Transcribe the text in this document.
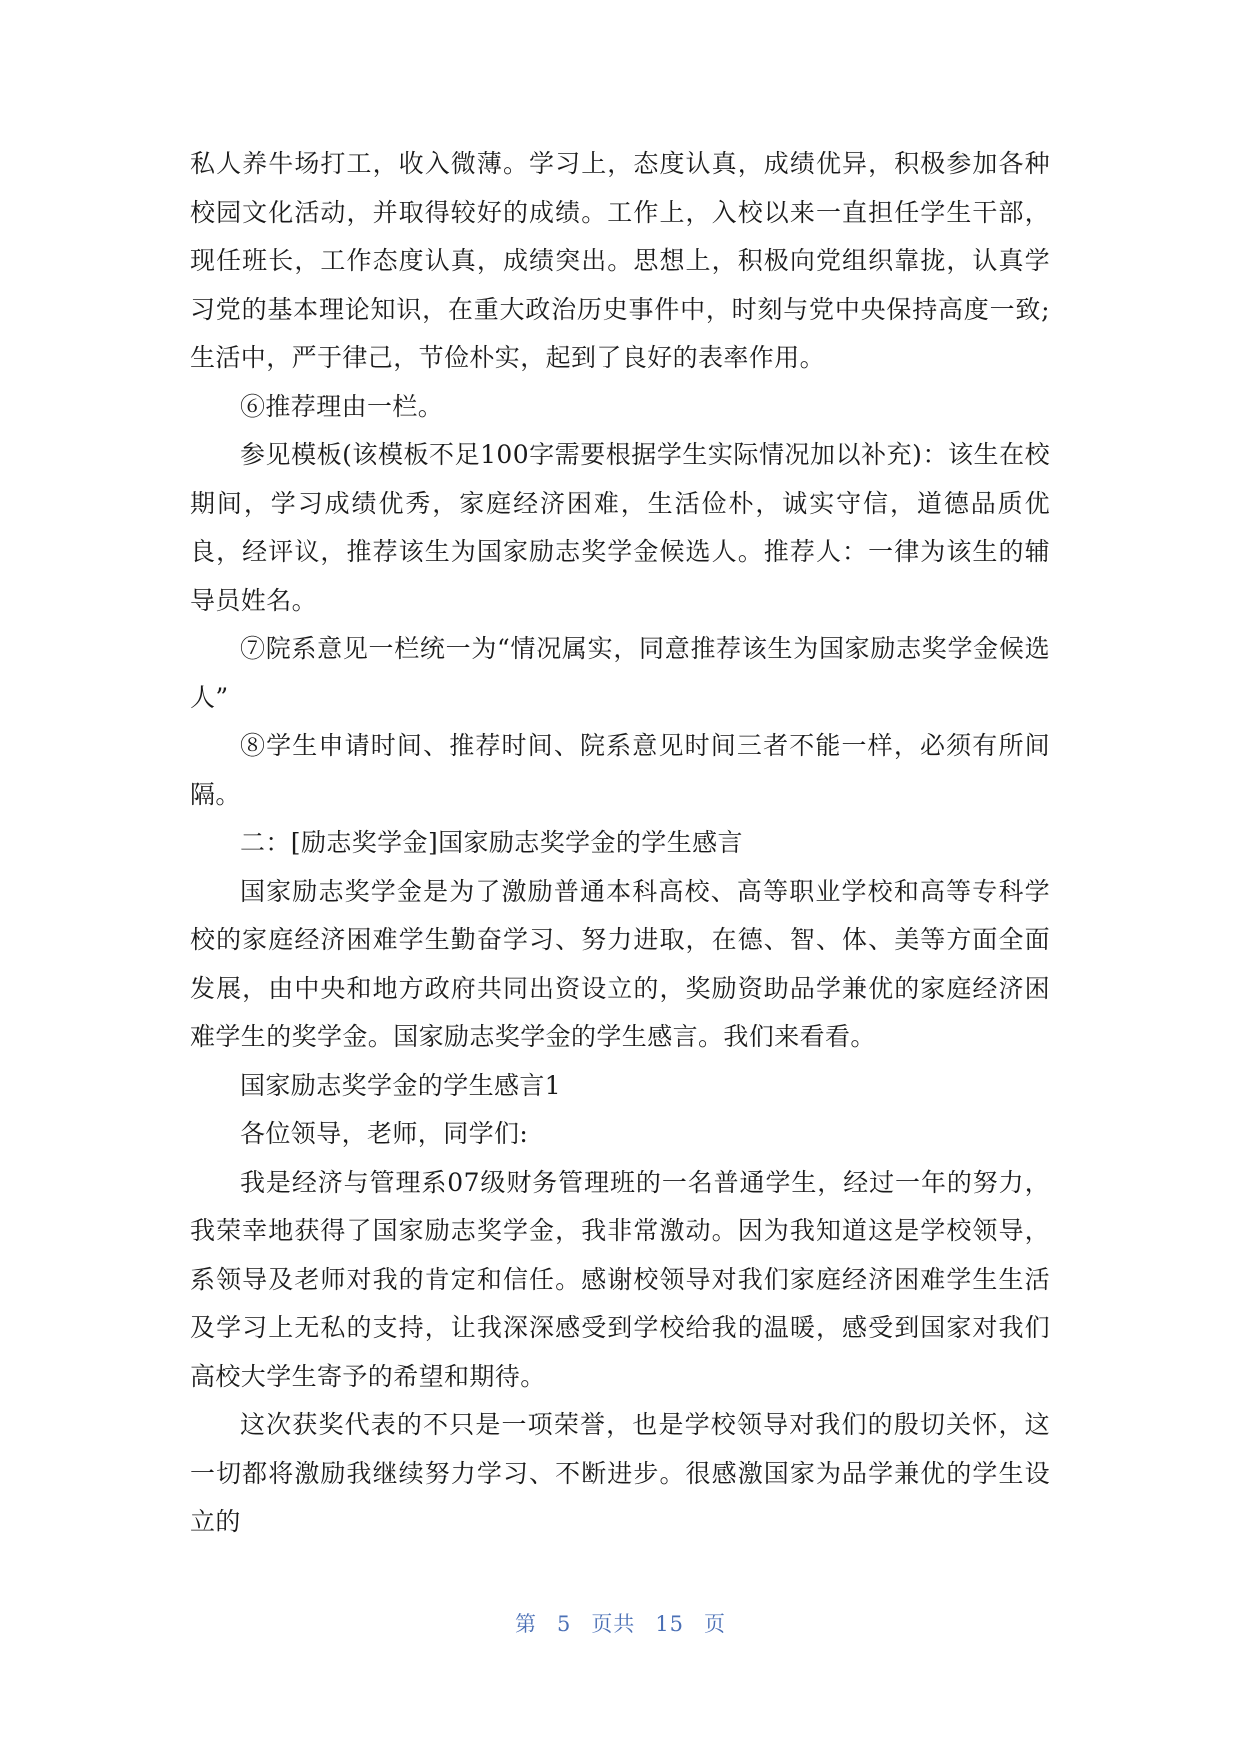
私人养牛场打工，收入微薄。学习上，态度认真，成绩优异，积极参加各种校园文化活动，并取得较好的成绩。工作上，入校以来一直担任学生干部，现任班长，工作态度认真，成绩突出。思想上，积极向党组织靠拢，认真学习党的基本理论知识，在重大政治历史事件中，时刻与党中央保持高度一致;生活中，严于律己，节俭朴实，起到了良好的表率作用。

⑥推荐理由一栏。

参见模板(该模板不足100字需要根据学生实际情况加以补充)：该生在校期间，学习成绩优秀，家庭经济困难，生活俭朴，诚实守信，道德品质优良，经评议，推荐该生为国家励志奖学金候选人。推荐人：一律为该生的辅导员姓名。

⑦院系意见一栏统一为“情况属实，同意推荐该生为国家励志奖学金候选人”

⑧学生申请时间、推荐时间、院系意见时间三者不能一样，必须有所间隔。

二：[励志奖学金]国家励志奖学金的学生感言

国家励志奖学金是为了激励普通本科高校、高等职业学校和高等专科学校的家庭经济困难学生勤奋学习、努力进取，在德、智、体、美等方面全面发展，由中央和地方政府共同出资设立的，奖励资助品学兼优的家庭经济困难学生的奖学金。国家励志奖学金的学生感言。我们来看看。

国家励志奖学金的学生感言1

各位领导，老师，同学们:

我是经济与管理系07级财务管理班的一名普通学生，经过一年的努力，我荣幸地获得了国家励志奖学金，我非常激动。因为我知道这是学校领导，系领导及老师对我的肯定和信任。感谢校领导对我们家庭经济困难学生生活及学习上无私的支持，让我深深感受到学校给我的温暖，感受到国家对我们高校大学生寄予的希望和期待。

这次获奖代表的不只是一项荣誉，也是学校领导对我们的殷切关怀，这一切都将激励我继续努力学习、不断进步。很感激国家为品学兼优的学生设立的

第 5 页共 15 页
